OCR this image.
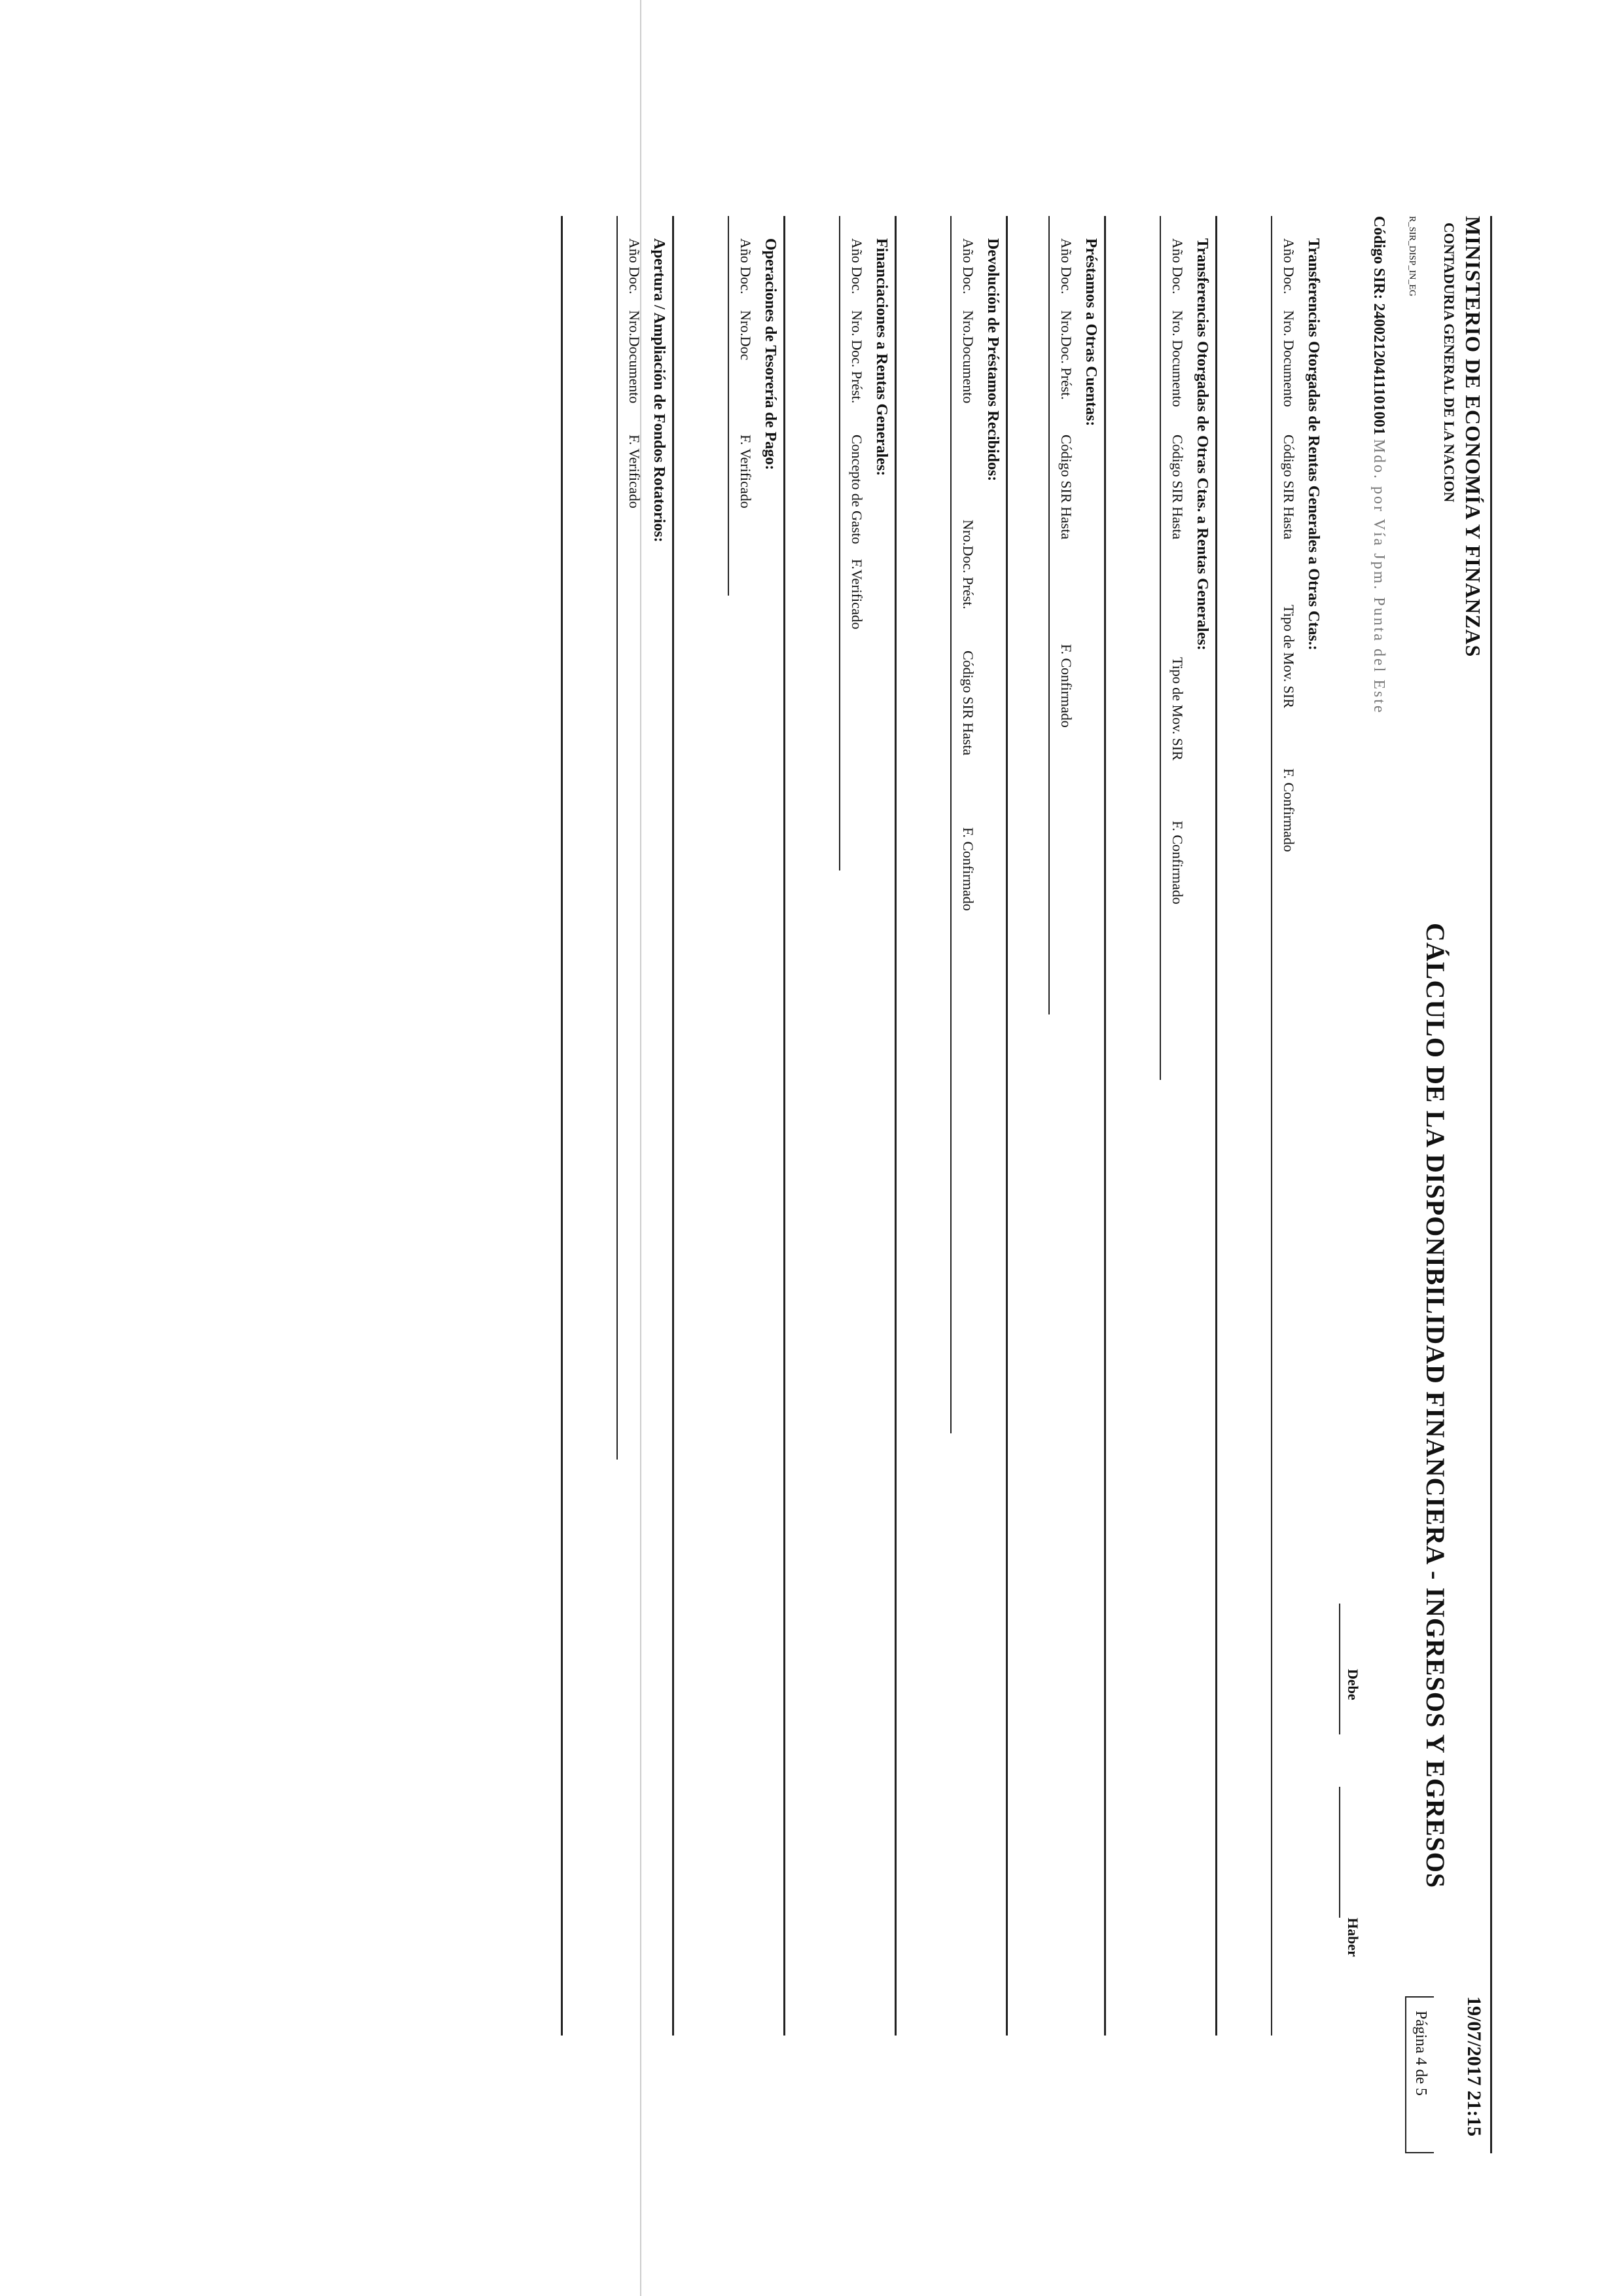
MINISTERIO DE ECONOMÍA Y FINANZAS
CONTADURIA GENERAL DE LA NACION
R_SIR_DISP_IN_EG
CÁLCULO DE LA DISPONIBILIDAD FINANCIERA - INGRESOS Y EGRESOS
19/07/2017 21:15
Página 4 de 5
Código SIR: 24002120411101001 Mdo. por Vía Jpm. Punta del Este
Debe
Haber
Transferencias Otorgadas de Rentas Generales a Otras Ctas.:
Año Doc.
Nro. Documento
Código SIR Hasta
Tipo de Mov. SIR
F. Confirmado
Transferencias Otorgadas de Otras Ctas. a Rentas Generales:
Año Doc.
Nro. Documento
Código SIR Hasta
Tipo de Mov. SIR
F. Confirmado
Préstamos a Otras Cuentas:
Año Doc.
Nro.Doc. Prést.
Código SIR Hasta
F. Confirmado
Devolución de Préstamos Recibidos:
Año Doc.
Nro.Documento
Nro.Doc. Prést.
Código SIR Hasta
F. Confirmado
Financiaciones a Rentas Generales:
Año Doc.
Nro. Doc. Prést.
Concepto de Gasto
F.Verificado
Operaciones de Tesorería de Pago:
Año Doc.
Nro.Doc
F. Verificado
Apertura / Ampliación de Fondos Rotatorios:
Año Doc.
Nro.Documento
F. Verificado
